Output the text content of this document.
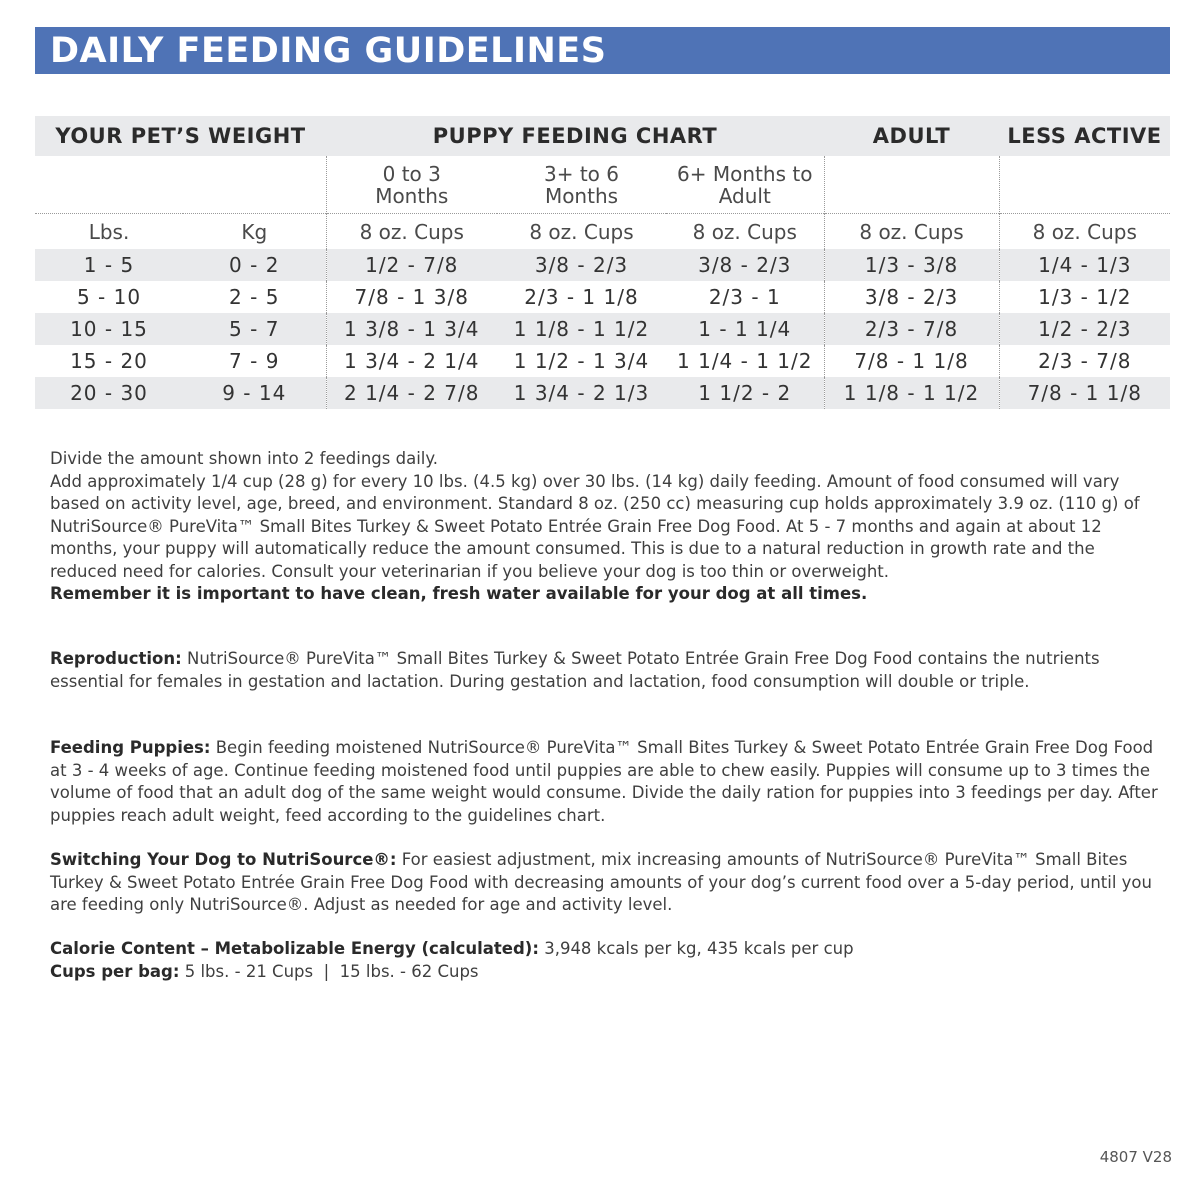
DAILY FEEDING GUIDELINES
YOUR PET’S WEIGHT		PUPPY FEEDING CHART			ADULT	LESS ACTIVE

		0 to 3 Months	3+ to 6 Months	6+ Months to Adult		

Lbs.	Kg	8 oz. Cups	8 oz. Cups	8 oz. Cups	8 oz. Cups	8 oz. Cups
1 - 5	0 - 2	1/2 - 7/8	3/8 - 2/3	3/8 - 2/3	1/3 - 3/8	1/4 - 1/3
5 - 10	2 - 5	7/8 - 1 3/8	2/3 - 1 1/8	2/3 - 1	3/8 - 2/3	1/3 - 1/2
10 - 15	5 - 7	1 3/8 - 1 3/4	1 1/8 - 1 1/2	1 - 1 1/4	2/3 - 7/8	1/2 - 2/3
15 - 20	7 - 9	1 3/4 - 2 1/4	1 1/2 - 1 3/4	1 1/4 - 1 1/2	7/8 - 1 1/8	2/3 - 7/8
20 - 30	9 - 14	2 1/4 - 2 7/8	1 3/4 - 2 1/3	1 1/2 - 2	1 1/8 - 1 1/2	7/8 - 1 1/8

Divide the amount shown into 2 feedings daily.

Add approximately 1/4 cup (28 g) for every 10 lbs. (4.5 kg) over 30 lbs. (14 kg) daily feeding. Amount of food consumed will vary based on activity level, age, breed, and environment. Standard 8 oz. (250 cc) measuring cup holds approximately 3.9 oz. (110 g) of NutriSource® PureVita™ Small Bites Turkey & Sweet Potato Entrée Grain Free Dog Food. At 5 - 7 months and again at about 12 months, your puppy will automatically reduce the amount consumed. This is due to a natural reduction in growth rate and the reduced need for calories. Consult your veterinarian if you believe your dog is too thin or overweight.

Remember it is important to have clean, fresh water available for your dog at all times.

Reproduction: NutriSource® PureVita™ Small Bites Turkey & Sweet Potato Entrée Grain Free Dog Food contains the nutrients essential for females in gestation and lactation. During gestation and lactation, food consumption will double or triple.

Feeding Puppies: Begin feeding moistened NutriSource® PureVita™ Small Bites Turkey & Sweet Potato Entrée Grain Free Dog Food at 3 - 4 weeks of age. Continue feeding moistened food until puppies are able to chew easily. Puppies will consume up to 3 times the volume of food that an adult dog of the same weight would consume. Divide the daily ration for puppies into 3 feedings per day. After puppies reach adult weight, feed according to the guidelines chart.

Switching Your Dog to NutriSource®: For easiest adjustment, mix increasing amounts of NutriSource® PureVita™ Small Bites Turkey & Sweet Potato Entrée Grain Free Dog Food with decreasing amounts of your dog’s current food over a 5-day period, until you are feeding only NutriSource®. Adjust as needed for age and activity level.

Calorie Content – Metabolizable Energy (calculated): 3,948 kcals per kg, 435 kcals per cup

Cups per bag: 5 lbs. - 21 Cups  |  15 lbs. - 62 Cups

4807 V28
